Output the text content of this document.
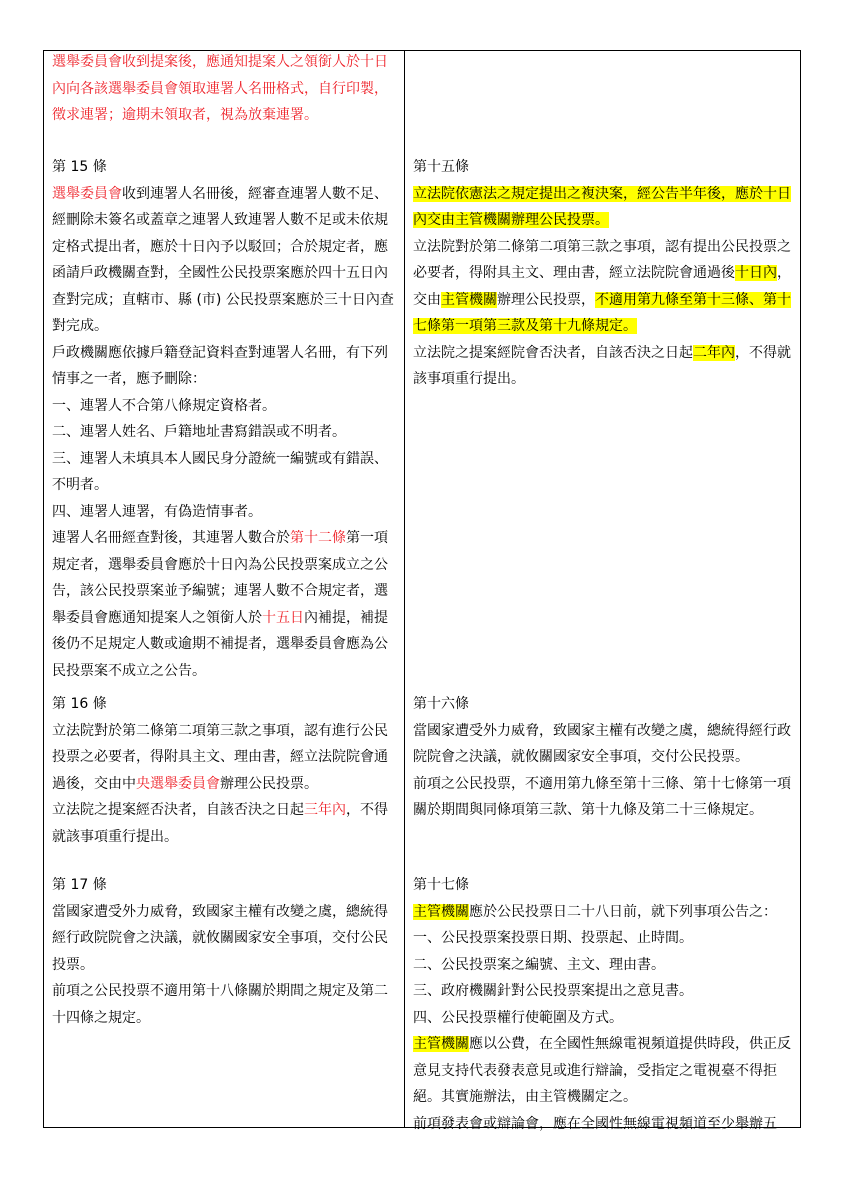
選舉委員會收到提案後，應通知提案人之領銜人於十日

內向各該選舉委員會領取連署人名冊格式，自行印製，

徵求連署；逾期未領取者，視為放棄連署。

第 15 條

選舉委員會收到連署人名冊後，經審查連署人數不足、

經刪除未簽名或蓋章之連署人致連署人數不足或未依規

定格式提出者，應於十日內予以駁回；合於規定者，應

函請戶政機關查對，全國性公民投票案應於四十五日內

查對完成；直轄市、縣 (市) 公民投票案應於三十日內查

對完成。

戶政機關應依據戶籍登記資料查對連署人名冊，有下列

情事之一者，應予刪除：

一、連署人不合第八條規定資格者。

二、連署人姓名、戶籍地址書寫錯誤或不明者。

三、連署人未填具本人國民身分證統一編號或有錯誤、

不明者。

四、連署人連署，有偽造情事者。

連署人名冊經查對後，其連署人數合於第十二條第一項

規定者，選舉委員會應於十日內為公民投票案成立之公

告，該公民投票案並予編號；連署人數不合規定者，選

舉委員會應通知提案人之領銜人於十五日內補提，補提

後仍不足規定人數或逾期不補提者，選舉委員會應為公

民投票案不成立之公告。

第 16 條

立法院對於第二條第二項第三款之事項，認有進行公民

投票之必要者，得附具主文、理由書，經立法院院會通

過後，交由中央選舉委員會辦理公民投票。

立法院之提案經否決者，自該否決之日起三年內，不得

就該事項重行提出。

第 17 條

當國家遭受外力威脅，致國家主權有改變之虞，總統得

經行政院院會之決議，就攸關國家安全事項，交付公民

投票。

前項之公民投票不適用第十八條關於期間之規定及第二

十四條之規定。

第十五條

立法院依憲法之規定提出之複決案，經公告半年後，應於十日

內交由主管機關辦理公民投票。

立法院對於第二條第二項第三款之事項，認有提出公民投票之

必要者，得附具主文、理由書，經立法院院會通過後十日內，

交由主管機關辦理公民投票，不適用第九條至第十三條、第十

七條第一項第三款及第十九條規定。

立法院之提案經院會否決者，自該否決之日起二年內，不得就

該事項重行提出。

第十六條

當國家遭受外力威脅，致國家主權有改變之虞，總統得經行政

院院會之決議，就攸關國家安全事項，交付公民投票。

前項之公民投票，不適用第九條至第十三條、第十七條第一項

關於期間與同條項第三款、第十九條及第二十三條規定。

第十七條

主管機關應於公民投票日二十八日前，就下列事項公告之：

一、公民投票案投票日期、投票起、止時間。

二、公民投票案之編號、主文、理由書。

三、政府機關針對公民投票案提出之意見書。

四、公民投票權行使範圍及方式。

主管機關應以公費，在全國性無線電視頻道提供時段，供正反

意見支持代表發表意見或進行辯論，受指定之電視臺不得拒

絕。其實施辦法，由主管機關定之。

前項發表會或辯論會，應在全國性無線電視頻道至少舉辦五
